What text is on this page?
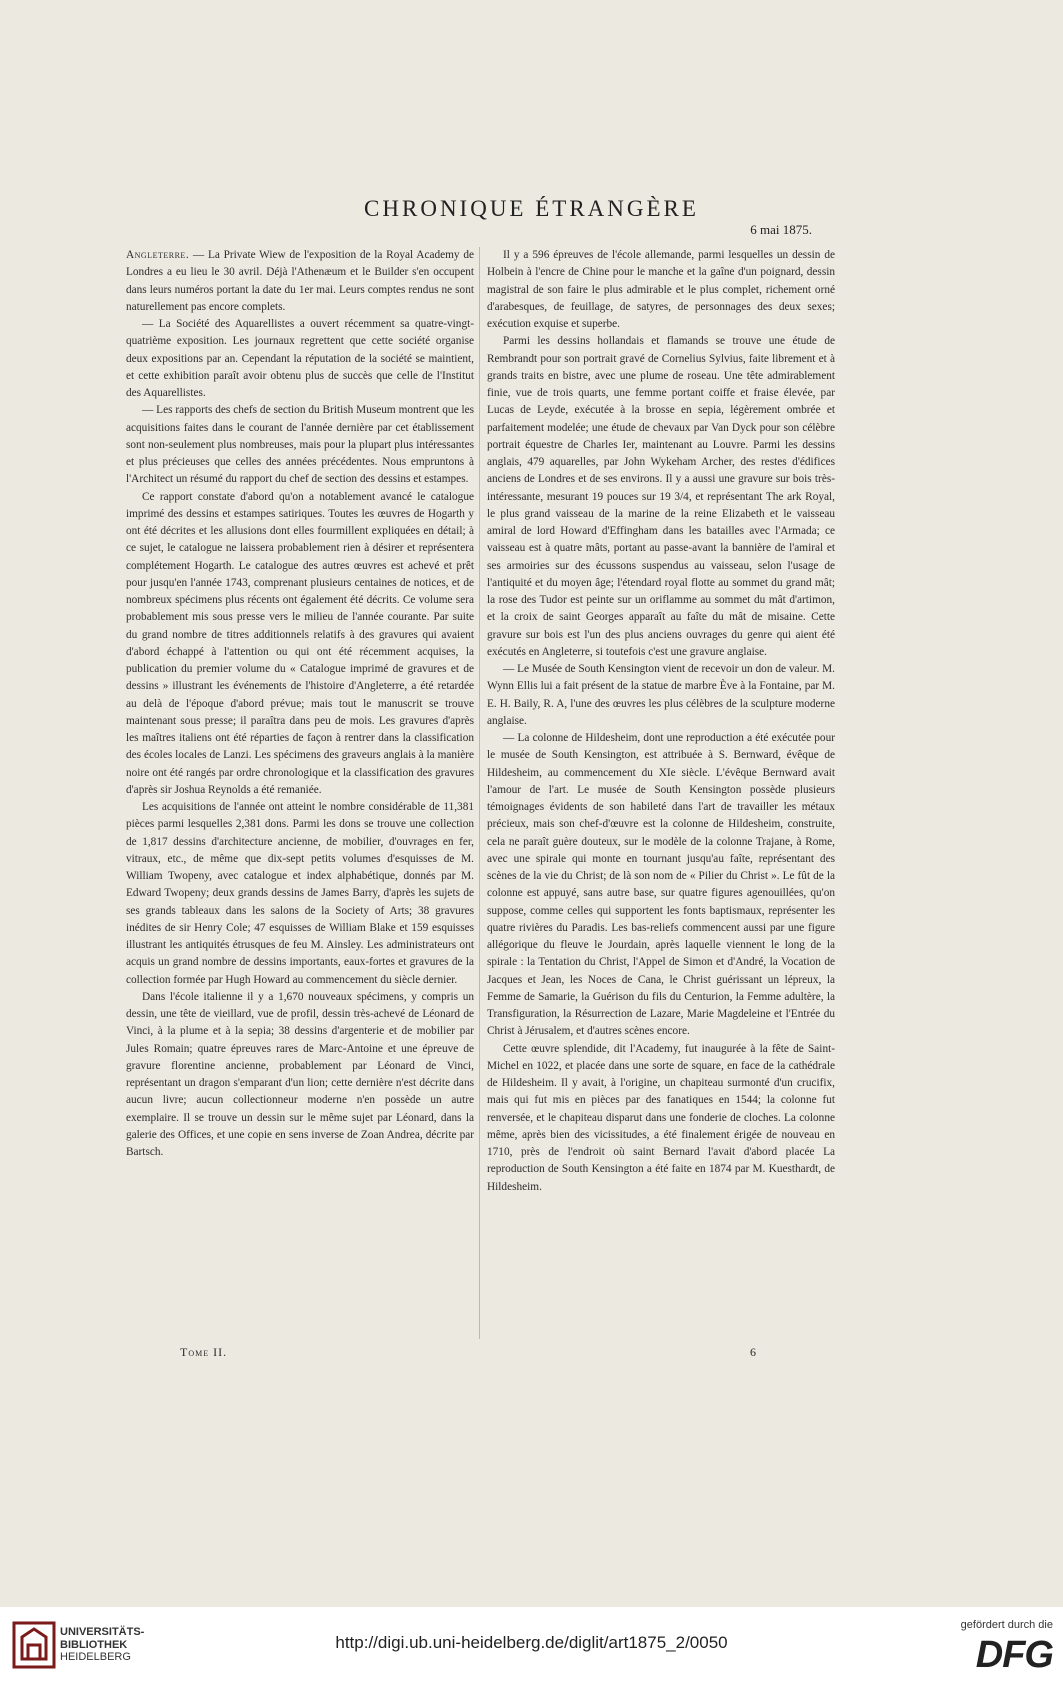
CHRONIQUE ÉTRANGÈRE
6 mai 1875.

Angleterre. — La Private Wiew de l'exposition de la Royal Academy de Londres a eu lieu le 30 avril. Déjà l'Athenæum et le Builder s'en occupent dans leurs numéros portant la date du 1er mai. Leurs comptes rendus ne sont naturellement pas encore complets.

— La Société des Aquarellistes a ouvert récemment sa quatre-vingt-quatrième exposition. Les journaux regrettent que cette société organise deux expositions par an. Cependant la réputation de la société se maintient, et cette exhibition paraît avoir obtenu plus de succès que celle de l'Institut des Aquarellistes.

— Les rapports des chefs de section du British Museum montrent que les acquisitions faites dans le courant de l'année dernière par cet établissement sont non-seulement plus nombreuses, mais pour la plupart plus intéressantes et plus précieuses que celles des années précédentes. Nous empruntons à l'Architect un résumé du rapport du chef de section des dessins et estampes.

Ce rapport constate d'abord qu'on a notablement avancé le catalogue imprimé des dessins et estampes satiriques. Toutes les œuvres de Hogarth y ont été décrites et les allusions dont elles fourmillent expliquées en détail; à ce sujet, le catalogue ne laissera probablement rien à désirer et représentera complétement Hogarth. Le catalogue des autres œuvres est achevé et prêt pour jusqu'en l'année 1743, comprenant plusieurs centaines de notices, et de nombreux spécimens plus récents ont également été décrits. Ce volume sera probablement mis sous presse vers le milieu de l'année courante. Par suite du grand nombre de titres additionnels relatifs à des gravures qui avaient d'abord échappé à l'attention ou qui ont été récemment acquises, la publication du premier volume du « Catalogue imprimé de gravures et de dessins » illustrant les événements de l'histoire d'Angleterre, a été retardée au delà de l'époque d'abord prévue; mais tout le manuscrit se trouve maintenant sous presse; il paraîtra dans peu de mois. Les gravures d'après les maîtres italiens ont été réparties de façon à rentrer dans la classification des écoles locales de Lanzi. Les spécimens des graveurs anglais à la manière noire ont été rangés par ordre chronologique et la classification des gravures d'après sir Joshua Reynolds a été remaniée.

Les acquisitions de l'année ont atteint le nombre considérable de 11,381 pièces parmi lesquelles 2,381 dons. Parmi les dons se trouve une collection de 1,817 dessins d'architecture ancienne, de mobilier, d'ouvrages en fer, vitraux, etc., de même que dix-sept petits volumes d'esquisses de M. William Twopeny, avec catalogue et index alphabétique, donnés par M. Edward Twopeny; deux grands dessins de James Barry, d'après les sujets de ses grands tableaux dans les salons de la Society of Arts; 38 gravures inédites de sir Henry Cole; 47 esquisses de William Blake et 159 esquisses illustrant les antiquités étrusques de feu M. Ainsley. Les administrateurs ont acquis un grand nombre de dessins importants, eaux-fortes et gravures de la collection formée par Hugh Howard au commencement du siècle dernier.

Dans l'école italienne il y a 1,670 nouveaux spécimens, y compris un dessin, une tête de vieillard, vue de profil, dessin très-achevé de Léonard de Vinci, à la plume et à la sepia; 38 dessins d'argenterie et de mobilier par Jules Romain; quatre épreuves rares de Marc-Antoine et une épreuve de gravure florentine ancienne, probablement par Léonard de Vinci, représentant un dragon s'emparant d'un lion; cette dernière n'est décrite dans aucun livre; aucun collectionneur moderne n'en possède un autre exemplaire. Il se trouve un dessin sur le même sujet par Léonard, dans la galerie des Offices, et une copie en sens inverse de Zoan Andrea, décrite par Bartsch.

Il y a 596 épreuves de l'école allemande, parmi lesquelles un dessin de Holbein à l'encre de Chine pour le manche et la gaîne d'un poignard, dessin magistral de son faire le plus admirable et le plus complet, richement orné d'arabesques, de feuillage, de satyres, de personnages des deux sexes; exécution exquise et superbe.

Parmi les dessins hollandais et flamands se trouve une étude de Rembrandt pour son portrait gravé de Cornelius Sylvius, faite librement et à grands traits en bistre, avec une plume de roseau. Une tête admirablement finie, vue de trois quarts, une femme portant coiffe et fraise élevée, par Lucas de Leyde, exécutée à la brosse en sepia, légèrement ombrée et parfaitement modelée; une étude de chevaux par Van Dyck pour son célèbre portrait équestre de Charles Ier, maintenant au Louvre. Parmi les dessins anglais, 479 aquarelles, par John Wykeham Archer, des restes d'édifices anciens de Londres et de ses environs. Il y a aussi une gravure sur bois très-intéressante, mesurant 19 pouces sur 19 3/4, et représentant The ark Royal, le plus grand vaisseau de la marine de la reine Elizabeth et le vaisseau amiral de lord Howard d'Effingham dans les batailles avec l'Armada; ce vaisseau est à quatre mâts, portant au passe-avant la bannière de l'amiral et ses armoiries sur des écussons suspendus au vaisseau, selon l'usage de l'antiquité et du moyen âge; l'étendard royal flotte au sommet du grand mât; la rose des Tudor est peinte sur un oriflamme au sommet du mât d'artimon, et la croix de saint Georges apparaît au faîte du mât de misaine. Cette gravure sur bois est l'un des plus anciens ouvrages du genre qui aient été exécutés en Angleterre, si toutefois c'est une gravure anglaise.

— Le Musée de South Kensington vient de recevoir un don de valeur. M. Wynn Ellis lui a fait présent de la statue de marbre Ève à la Fontaine, par M. E. H. Baily, R. A, l'une des œuvres les plus célèbres de la sculpture moderne anglaise.

— La colonne de Hildesheim, dont une reproduction a été exécutée pour le musée de South Kensington, est attribuée à S. Bernward, évêque de Hildesheim, au commencement du XIe siècle. L'évêque Bernward avait l'amour de l'art. Le musée de South Kensington possède plusieurs témoignages évidents de son habileté dans l'art de travailler les métaux précieux, mais son chef-d'œuvre est la colonne de Hildesheim, construite, cela ne paraît guère douteux, sur le modèle de la colonne Trajane, à Rome, avec une spirale qui monte en tournant jusqu'au faîte, représentant des scènes de la vie du Christ; de là son nom de « Pilier du Christ ». Le fût de la colonne est appuyé, sans autre base, sur quatre figures agenouillées, qu'on suppose, comme celles qui supportent les fonts baptismaux, représenter les quatre rivières du Paradis. Les bas-reliefs commencent aussi par une figure allégorique du fleuve le Jourdain, après laquelle viennent le long de la spirale : la Tentation du Christ, l'Appel de Simon et d'André, la Vocation de Jacques et Jean, les Noces de Cana, le Christ guérissant un lépreux, la Femme de Samarie, la Guérison du fils du Centurion, la Femme adultère, la Transfiguration, la Résurrection de Lazare, Marie Magdeleine et l'Entrée du Christ à Jérusalem, et d'autres scènes encore.

Cette œuvre splendide, dit l'Academy, fut inaugurée à la fête de Saint-Michel en 1022, et placée dans une sorte de square, en face de la cathédrale de Hildesheim. Il y avait, à l'origine, un chapiteau surmonté d'un crucifix, mais qui fut mis en pièces par des fanatiques en 1544; la colonne fut renversée, et le chapiteau disparut dans une fonderie de cloches. La colonne même, après bien des vicissitudes, a été finalement érigée de nouveau en 1710, près de l'endroit où saint Bernard l'avait d'abord placée La reproduction de South Kensington a été faite en 1874 par M. Kuesthardt, de Hildesheim.

Tome II.	6
UNIVERSITÄTS-
BIBLIOTHEK
HEIDELBERG
http://digi.ub.uni-heidelberg.de/diglit/art1875_2/0050
gefördert durch die
DFG
